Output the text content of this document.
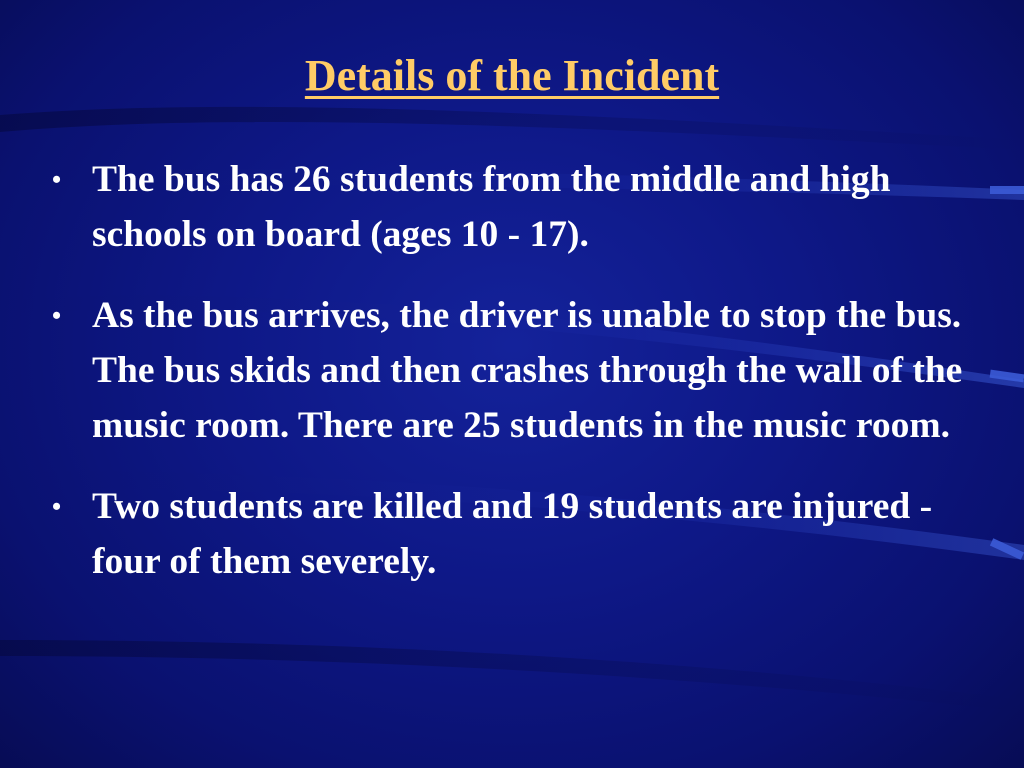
Details of the Incident
• The bus has 26 students from the middle and high schools on board (ages 10 - 17).
• As the bus arrives, the driver is unable to stop the bus. The bus skids and then crashes through the wall of the music room. There are 25 students in the music room.
• Two students are killed and 19 students are injured - four of them severely.
